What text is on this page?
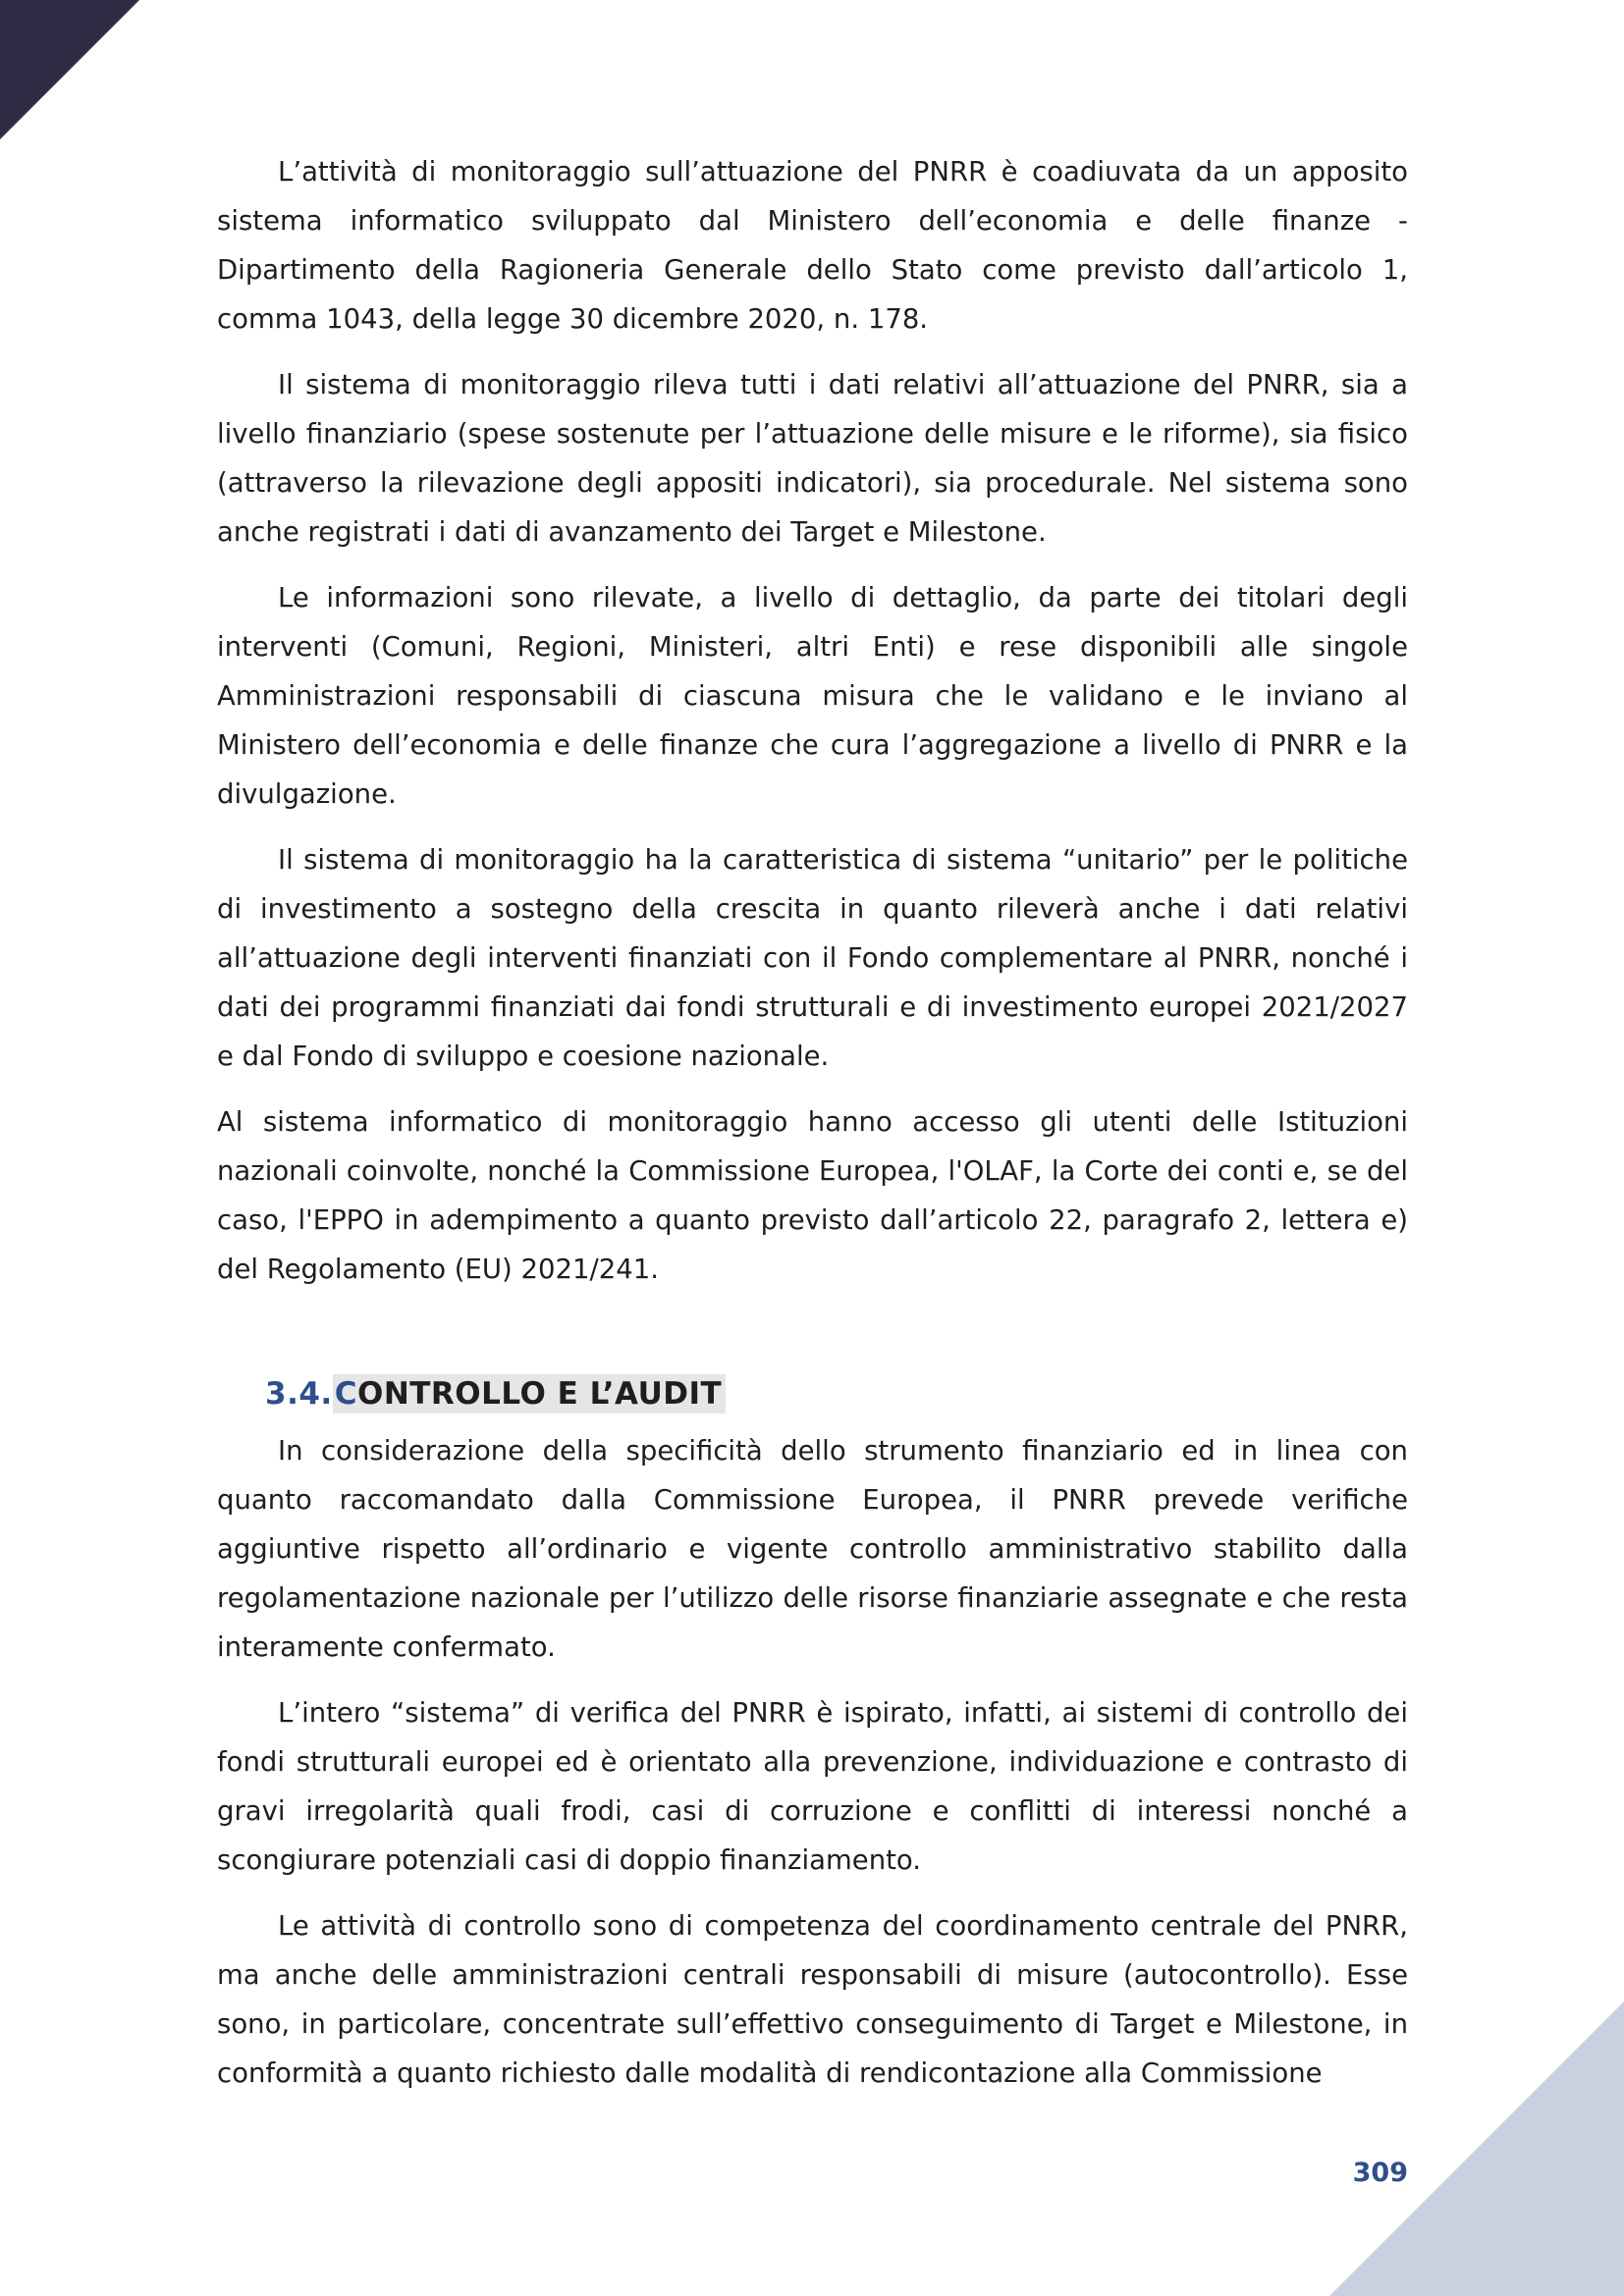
L’attività di monitoraggio sull’attuazione del PNRR è coadiuvata da un apposito sistema informatico sviluppato dal Ministero dell’economia e delle finanze - Dipartimento della Ragioneria Generale dello Stato come previsto dall’articolo 1, comma 1043, della legge 30 dicembre 2020, n. 178.

Il sistema di monitoraggio rileva tutti i dati relativi all’attuazione del PNRR, sia a livello finanziario (spese sostenute per l’attuazione delle misure e le riforme), sia fisico (attraverso la rilevazione degli appositi indicatori), sia procedurale. Nel sistema sono anche registrati i dati di avanzamento dei Target e Milestone.

Le informazioni sono rilevate, a livello di dettaglio, da parte dei titolari degli interventi (Comuni, Regioni, Ministeri, altri Enti) e rese disponibili alle singole Amministrazioni responsabili di ciascuna misura che le validano e le inviano al Ministero dell’economia e delle finanze che cura l’aggregazione a livello di PNRR e la divulgazione.

Il sistema di monitoraggio ha la caratteristica di sistema “unitario” per le politiche di investimento a sostegno della crescita in quanto rileverà anche i dati relativi all’attuazione degli interventi finanziati con il Fondo complementare al PNRR, nonché i dati dei programmi finanziati dai fondi strutturali e di investimento europei 2021/2027 e dal Fondo di sviluppo e coesione nazionale.

Al sistema informatico di monitoraggio hanno accesso gli utenti delle Istituzioni nazionali coinvolte, nonché la Commissione Europea, l'OLAF, la Corte dei conti e, se del caso, l'EPPO in adempimento a quanto previsto dall’articolo 22, paragrafo 2, lettera e) del Regolamento (EU) 2021/241.

3.4.CONTROLLO E L’AUDIT

In considerazione della specificità dello strumento finanziario ed in linea con quanto raccomandato dalla Commissione Europea, il PNRR prevede verifiche aggiuntive rispetto all’ordinario e vigente controllo amministrativo stabilito dalla regolamentazione nazionale per l’utilizzo delle risorse finanziarie assegnate e che resta interamente confermato.

L’intero “sistema” di verifica del PNRR è ispirato, infatti, ai sistemi di controllo dei fondi strutturali europei ed è orientato alla prevenzione, individuazione e contrasto di gravi irregolarità quali frodi, casi di corruzione e conflitti di interessi nonché a scongiurare potenziali casi di doppio finanziamento.

Le attività di controllo sono di competenza del coordinamento centrale del PNRR, ma anche delle amministrazioni centrali responsabili di misure (autocontrollo). Esse sono, in particolare, concentrate sull’effettivo conseguimento di Target e Milestone, in conformità a quanto richiesto dalle modalità di rendicontazione alla Commissione

309
